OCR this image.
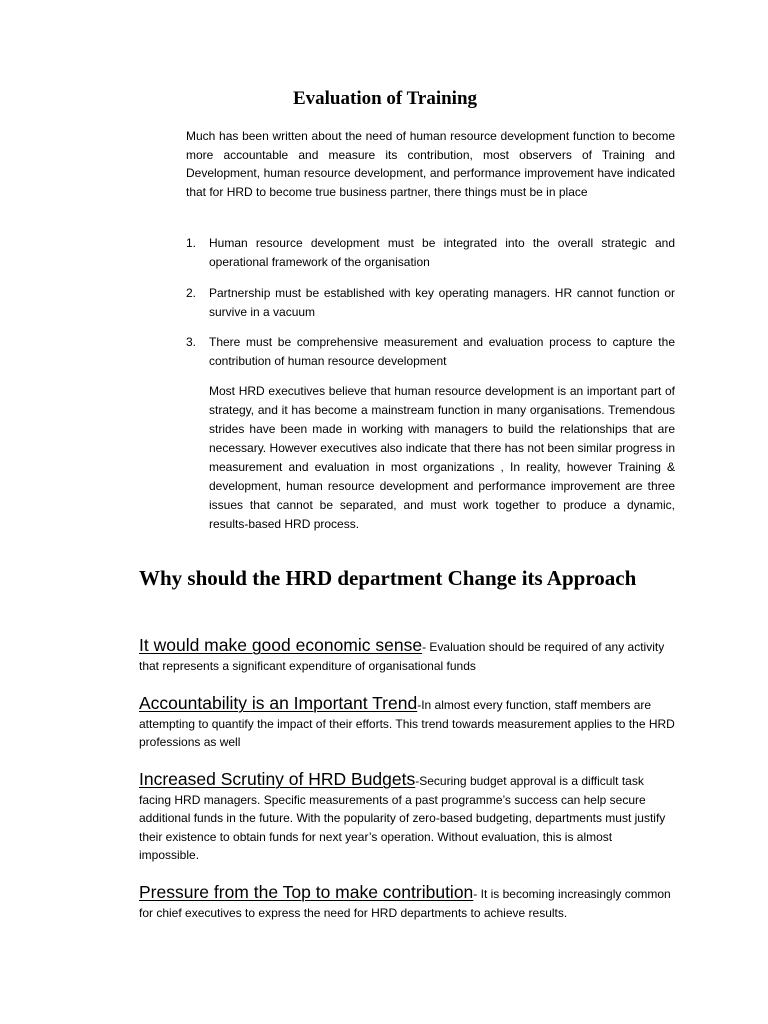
Evaluation of Training

Much has been written about the need of human resource development function to become more accountable and measure its contribution, most observers of Training and Development, human resource development, and performance improvement have indicated that for HRD to become true business partner, there things must be in place

1. Human resource development must be integrated into the overall strategic and operational framework of the organisation
2. Partnership must be established with key operating managers. HR cannot function or survive in a vacuum
3. There must be comprehensive measurement and evaluation process to capture the contribution of human resource development

Most HRD executives believe that human resource development is an important part of strategy, and it has become a mainstream function in many organisations. Tremendous strides have been made in working with managers to build the relationships that are necessary. However executives also indicate that there has not been similar progress in measurement and evaluation in most organizations , In reality, however Training & development, human resource development and performance improvement are three issues that cannot be separated, and must work together to produce a dynamic, results-based HRD process.

Why should the HRD department Change its Approach

It would make good economic sense- Evaluation should be required of any activity that represents a significant expenditure of organisational funds

Accountability is an Important Trend-In almost every function, staff members are attempting to quantify the impact of their efforts. This trend towards measurement applies to the HRD professions as well

Increased Scrutiny of HRD Budgets-Securing budget approval is a difficult task facing HRD managers. Specific measurements of a past programme’s success can help secure additional funds in the future. With the popularity of zero-based budgeting, departments must justify their existence to obtain funds for next year’s operation. Without evaluation, this is almost impossible.

Pressure from the Top to make contribution- It is becoming increasingly common for chief executives to express the need for HRD departments to achieve results.
